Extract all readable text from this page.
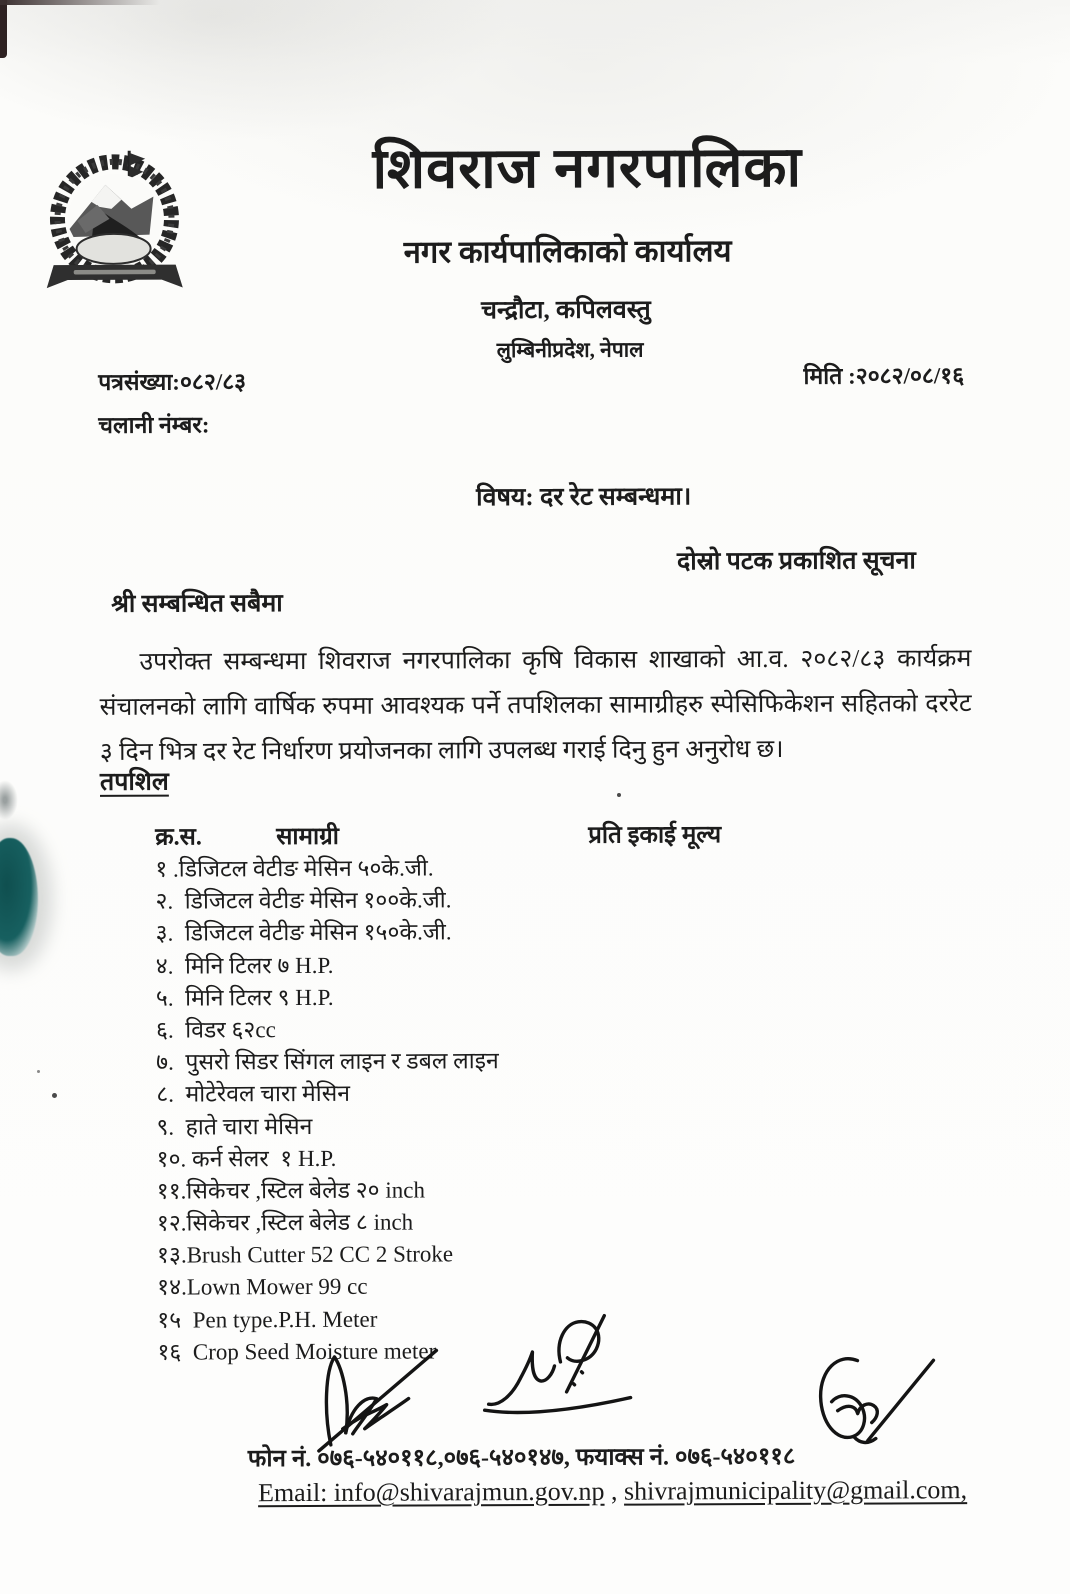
शिवराज नगरपालिका
नगर कार्यपालिकाको कार्यालय
चन्द्रौटा, कपिलवस्तु
लुम्बिनीप्रदेश, नेपाल
पत्रसंख्या:०८२/८३	मिति :२०८२/०८/१६
चलानी नंम्बर:
विषय: दर रेट सम्बन्धमा।
दोस्रो पटक प्रकाशित सूचना
श्री सम्बन्धित सबैमा
उपरोक्त सम्बन्धमा शिवराज नगरपालिका कृषि विकास शाखाको आ.व. २०८२/८३ कार्यक्रम संचालनको लागि वार्षिक रुपमा आवश्यक पर्ने तपशिलका सामाग्रीहरु स्पेसिफिकेशन सहितको दररेट ३ दिन भित्र दर रेट निर्धारण प्रयोजनका लागि उपलब्ध गराई दिनु हुन अनुरोध छ।
तपशिल
क्र.स.	सामाग्री	प्रति इकाई मूल्य
१ .डिजिटल वेटीङ मेसिन ५०के.जी.
२.  डिजिटल वेटीङ मेसिन १००के.जी.
३.  डिजिटल वेटीङ मेसिन १५०के.जी.
४.  मिनि टिलर ७ H.P.
५.  मिनि टिलर ९ H.P.
६.  विडर ६२cc
७.  पुसरो सिडर सिंगल लाइन र डबल लाइन
८.  मोटेरेवल चारा मेसिन
९.  हाते चारा मेसिन
१०. कर्न सेलर  १ H.P.
११.सिकेचर ,स्टिल बेलेड २० inch
१२.सिकेचर ,स्टिल बेलेड ८ inch
१३.Brush Cutter 52 CC 2 Stroke
१४.Lown Mower 99 cc
१५  Pen type.P.H. Meter
१६  Crop Seed Moisture meter
फोन नं. ०७६-५४०११८,०७६-५४०१४७, फयाक्स नं. ०७६-५४०११८
Email: info@shivarajmun.gov.np , shivrajmunicipality@gmail.com,
